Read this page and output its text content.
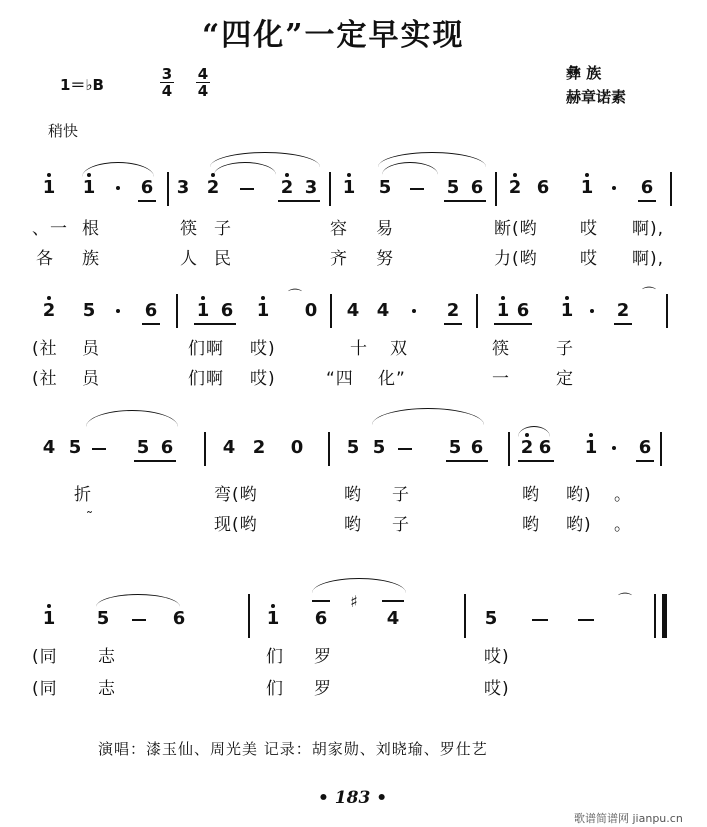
“四化”一定早实现
1＝♭B
3
4
4
4
稍快
彝 族
赫章诺素
1 1	6 3 2	2 3 1 5	5 6 2 6 1	6
、一 根	筷 子	容 易	断(哟 哎 啊),
各 族	人 民	齐 努	力(哟 哎 啊),
2 5	6 1 6 1
⌒
0 4 4	2 1 6 1 2
⌒
(社 员	们啊 哎)	十 双	筷	子
(社 员	们啊 哎)	“四 化”	一	定
4 5	5 6	4 2 0 5 5	5 6 2 6 1 6
折	弯(哟	哟 子	哟 哟) 。
˜	现(哟	哟 子	哟 哟) 。
1 5	6	1 6
♯
4	5
⌒
(同 志	们 罗	哎)
(同 志	们 罗	哎)
演唱：漆玉仙、周光美 记录：胡家勋、刘晓瑜、罗仕艺
• 183 •
歌谱简谱网 jianpu.cn
